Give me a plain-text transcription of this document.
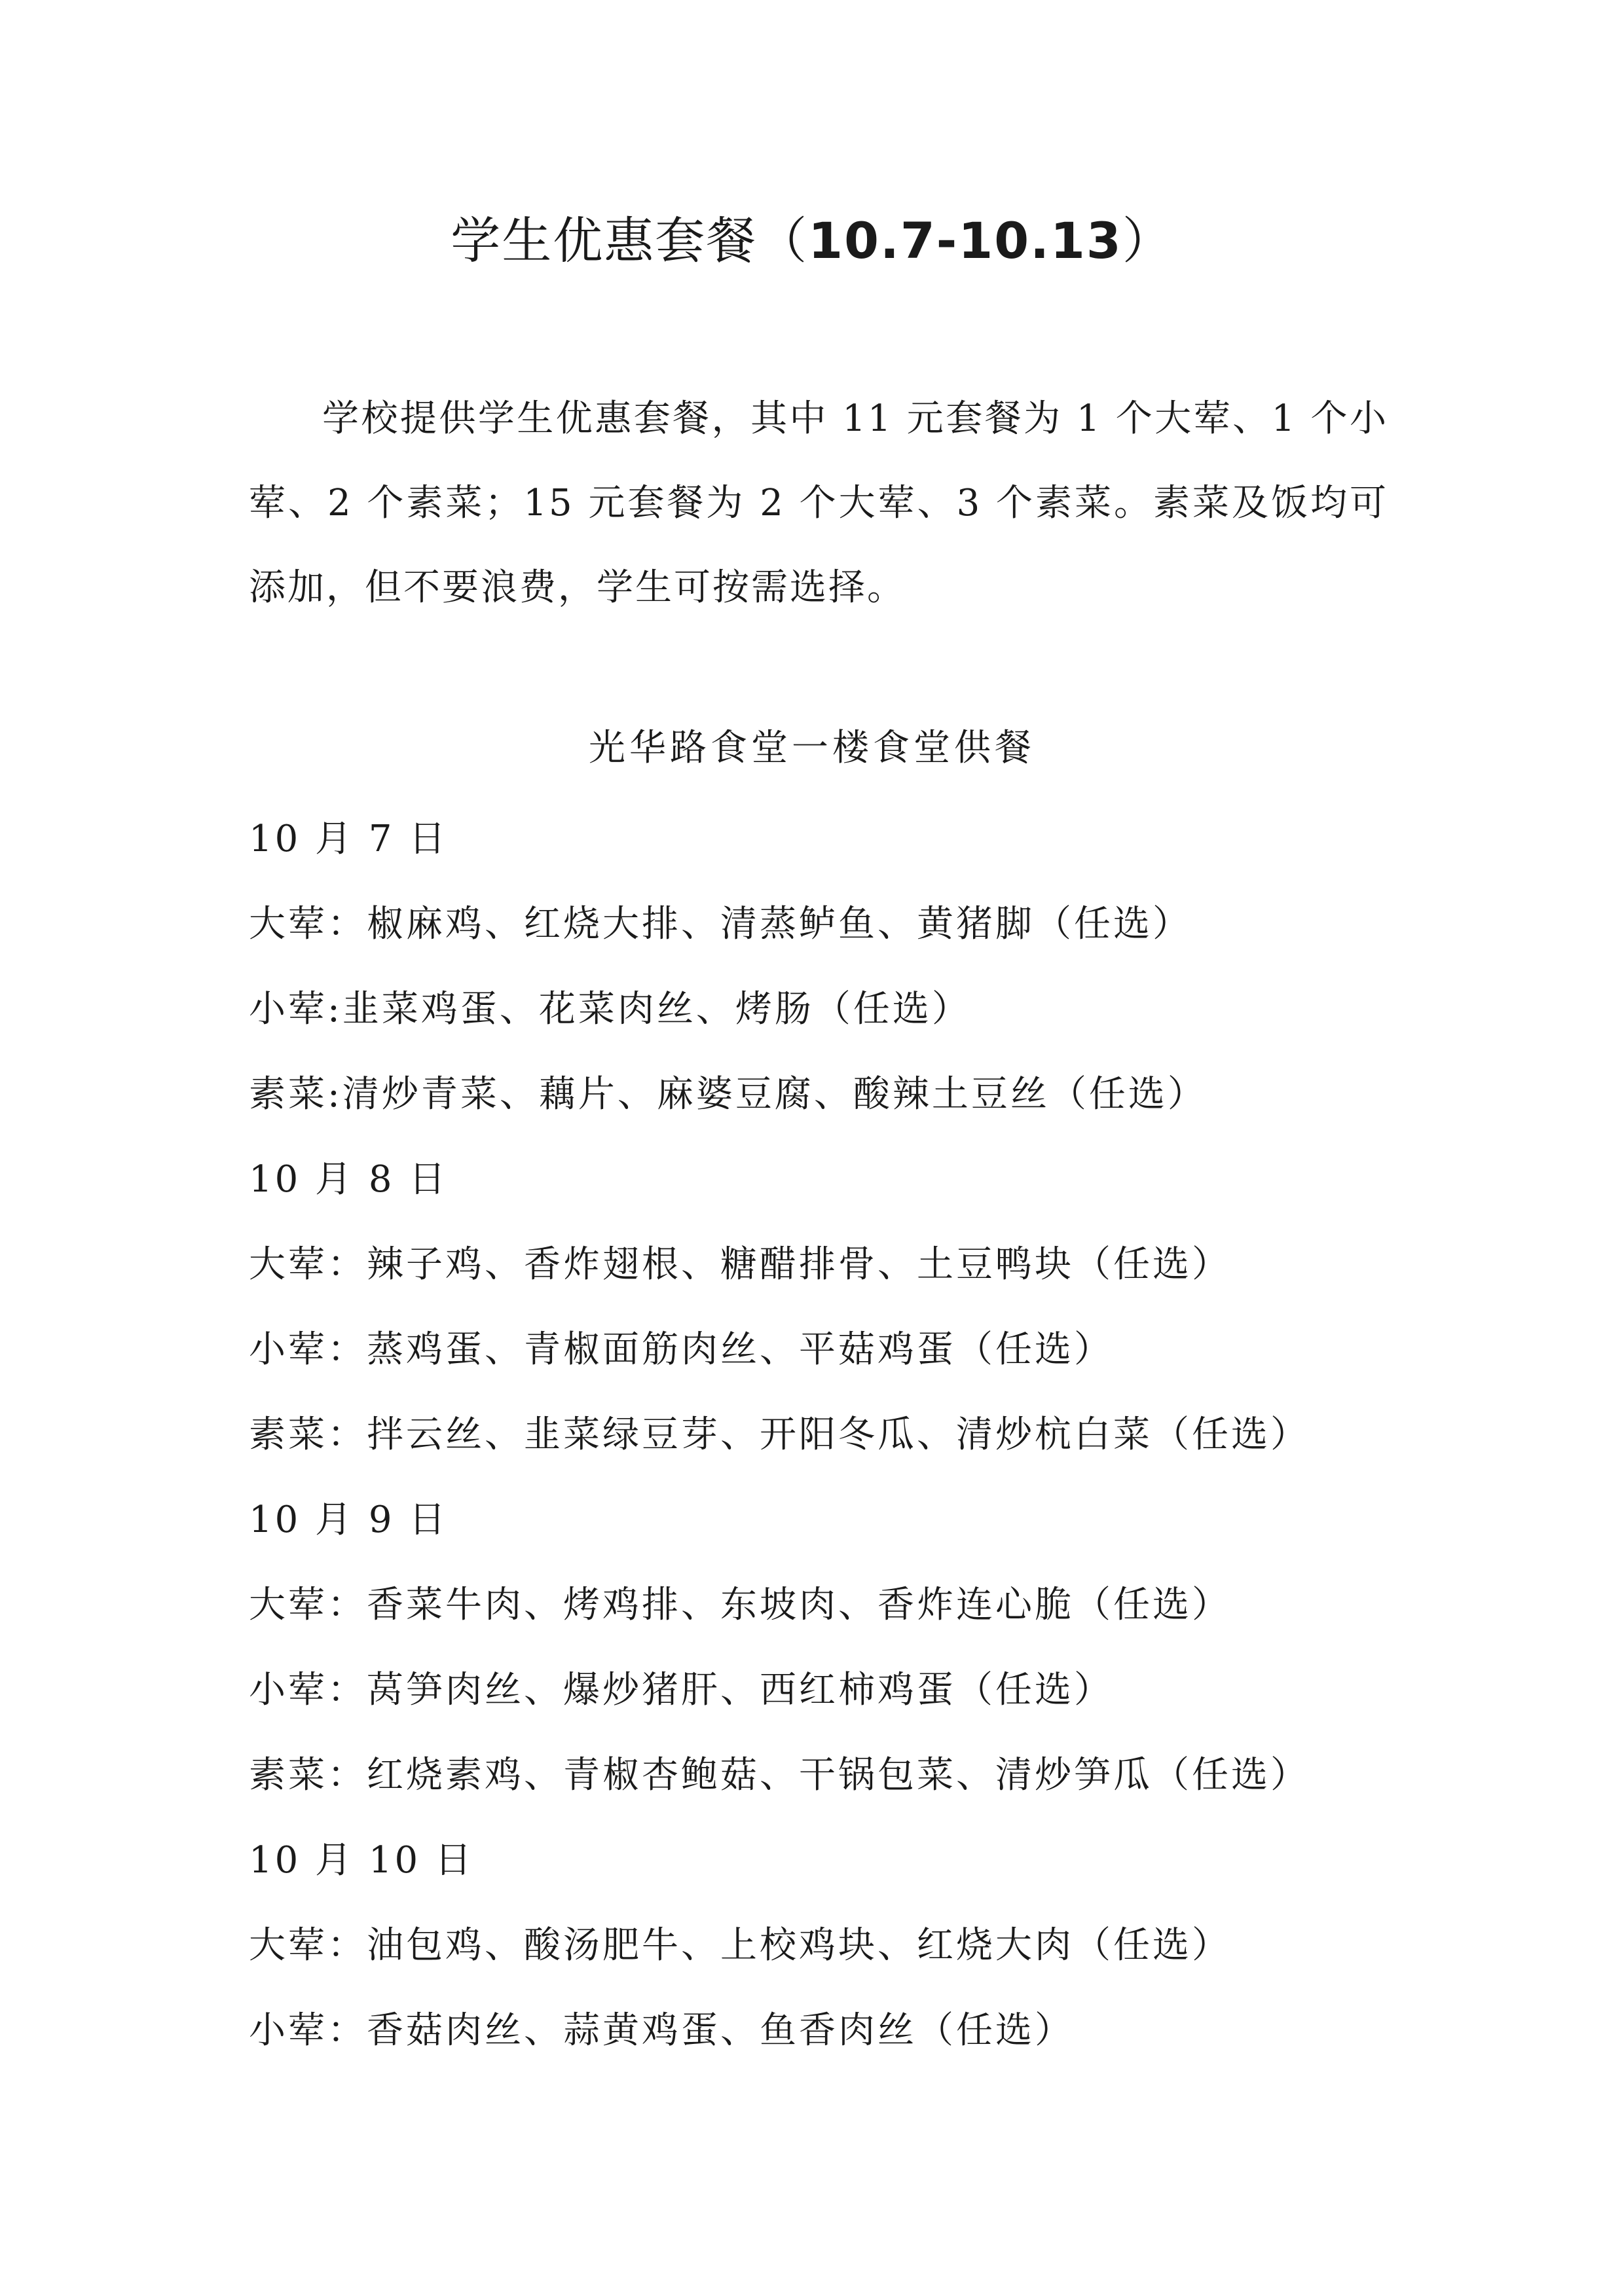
学生优惠套餐（10.7-10.13）

学校提供学生优惠套餐，其中 11 元套餐为 1 个大荤、1 个小荤、2 个素菜；15 元套餐为 2 个大荤、3 个素菜。素菜及饭均可添加，但不要浪费，学生可按需选择。

光华路食堂一楼食堂供餐
10 月 7 日
大荤：椒麻鸡、红烧大排、清蒸鲈鱼、黄猪脚（任选）
小荤:韭菜鸡蛋、花菜肉丝、烤肠（任选）
素菜:清炒青菜、藕片、麻婆豆腐、酸辣土豆丝（任选）
10 月 8 日
大荤：辣子鸡、香炸翅根、糖醋排骨、土豆鸭块（任选）
小荤：蒸鸡蛋、青椒面筋肉丝、平菇鸡蛋（任选）
素菜：拌云丝、韭菜绿豆芽、开阳冬瓜、清炒杭白菜（任选）
10 月 9 日
大荤：香菜牛肉、烤鸡排、东坡肉、香炸连心脆（任选）
小荤：莴笋肉丝、爆炒猪肝、西红柿鸡蛋（任选）
素菜：红烧素鸡、青椒杏鲍菇、干锅包菜、清炒笋瓜（任选）
10 月 10 日
大荤：油包鸡、酸汤肥牛、上校鸡块、红烧大肉（任选）
小荤：香菇肉丝、蒜黄鸡蛋、鱼香肉丝（任选）
